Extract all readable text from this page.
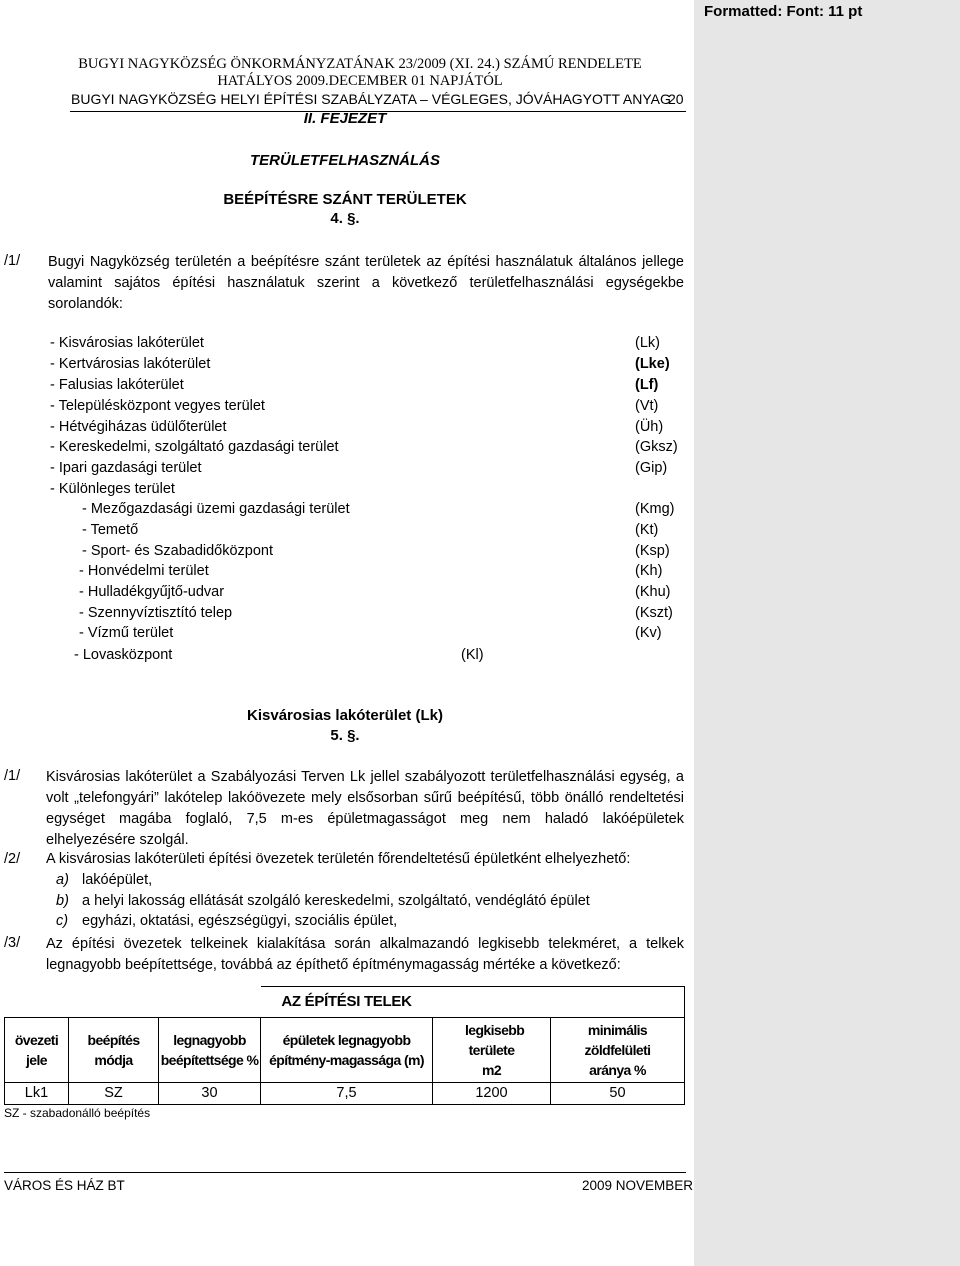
Formatted: Font: 11 pt
BUGYI NAGYKÖZSÉG ÖNKORMÁNYZATÁNAK 23/2009 (XI. 24.) SZÁMÚ RENDELETE
HATÁLYOS 2009.DECEMBER 01 NAPJÁTÓL
BUGYI NAGYKÖZSÉG HELYI ÉPÍTÉSI SZABÁLYZATA – VÉGLEGES, JÓVÁHAGYOTT ANYAG
20
II. FEJEZET
TERÜLETFELHASZNÁLÁS
BEÉPÍTÉSRE SZÁNT TERÜLETEK
4. §.
/1/ Bugyi Nagyközség területén a beépítésre szánt területek az építési használatuk általános jellege valamint sajátos építési használatuk szerint a következő területfelhasználási egységekbe sorolandók:
- Kisvárosias lakóterület	(Lk)
- Kertvárosias lakóterület	(Lke)
- Falusias lakóterület	(Lf)
- Településközpont vegyes terület	(Vt)
- Hétvégiházas üdülőterület	(Üh)
- Kereskedelmi, szolgáltató gazdasági terület	(Gksz)
- Ipari gazdasági terület	(Gip)
- Különleges terület
- Mezőgazdasági üzemi gazdasági terület	(Kmg)
- Temető	(Kt)
- Sport- és Szabadidőközpont	(Ksp)
- Honvédelmi terület	(Kh)
- Hulladékgyűjtő-udvar	(Khu)
- Szennyvíztisztító telep	(Kszt)
- Vízmű terület	(Kv)
- Lovasközpont	(Kl)
Kisvárosias lakóterület (Lk)
5. §.
/1/ Kisvárosias lakóterület a Szabályozási Terven Lk jellel szabályozott területfelhasználási egység, a volt „telefongyári” lakótelep lakóövezete mely elsősorban sűrű beépítésű, több önálló rendeltetési egységet magába foglaló, 7,5 m-es épületmagasságot meg nem haladó lakóépületek elhelyezésére szolgál.
/2/ A kisvárosias lakóterületi építési övezetek területén főrendeltetésű épületként elhelyezhető:
a) lakóépület,
b) a helyi lakosság ellátását szolgáló kereskedelmi, szolgáltató, vendéglátó épület
c) egyházi, oktatási, egészségügyi, szociális épület,
/3/ Az építési övezetek telkeinek kialakítása során alkalmazandó legkisebb telekméret, a telkek legnagyobb beépítettsége, továbbá az építhető építménymagasság mértéke a következő:
			AZ ÉPÍTÉSI TELEK		
övezeti jele	beépítés módja	legnagyobb beépítettsége %	épületek legnagyobb építmény-magassága (m)	legkisebb területe m2	minimális zöldfelületi aránya %
Lk1	SZ	30	7,5	1200	50
SZ - szabadonálló beépítés
VÁROS ÉS HÁZ BT	2009 NOVEMBER
